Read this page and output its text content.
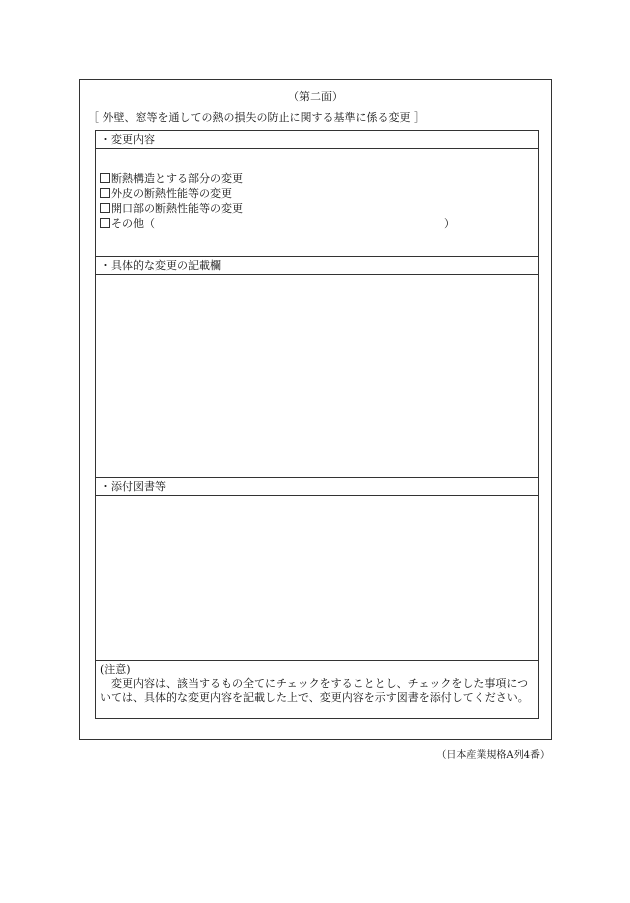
（第二面）
［ 外壁、窓等を通しての熱の損失の防止に関する基準に係る変更 ］
・変更内容
断熱構造とする部分の変更
外皮の断熱性能等の変更
開口部の断熱性能等の変更
その他（	）
・具体的な変更の記載欄
・添付図書等
(注意)
変更内容は、該当するもの全てにチェックをすることとし、チェックをした事項については、具体的な変更内容を記載した上で、変更内容を示す図書を添付してください。
（日本産業規格A列4番）
